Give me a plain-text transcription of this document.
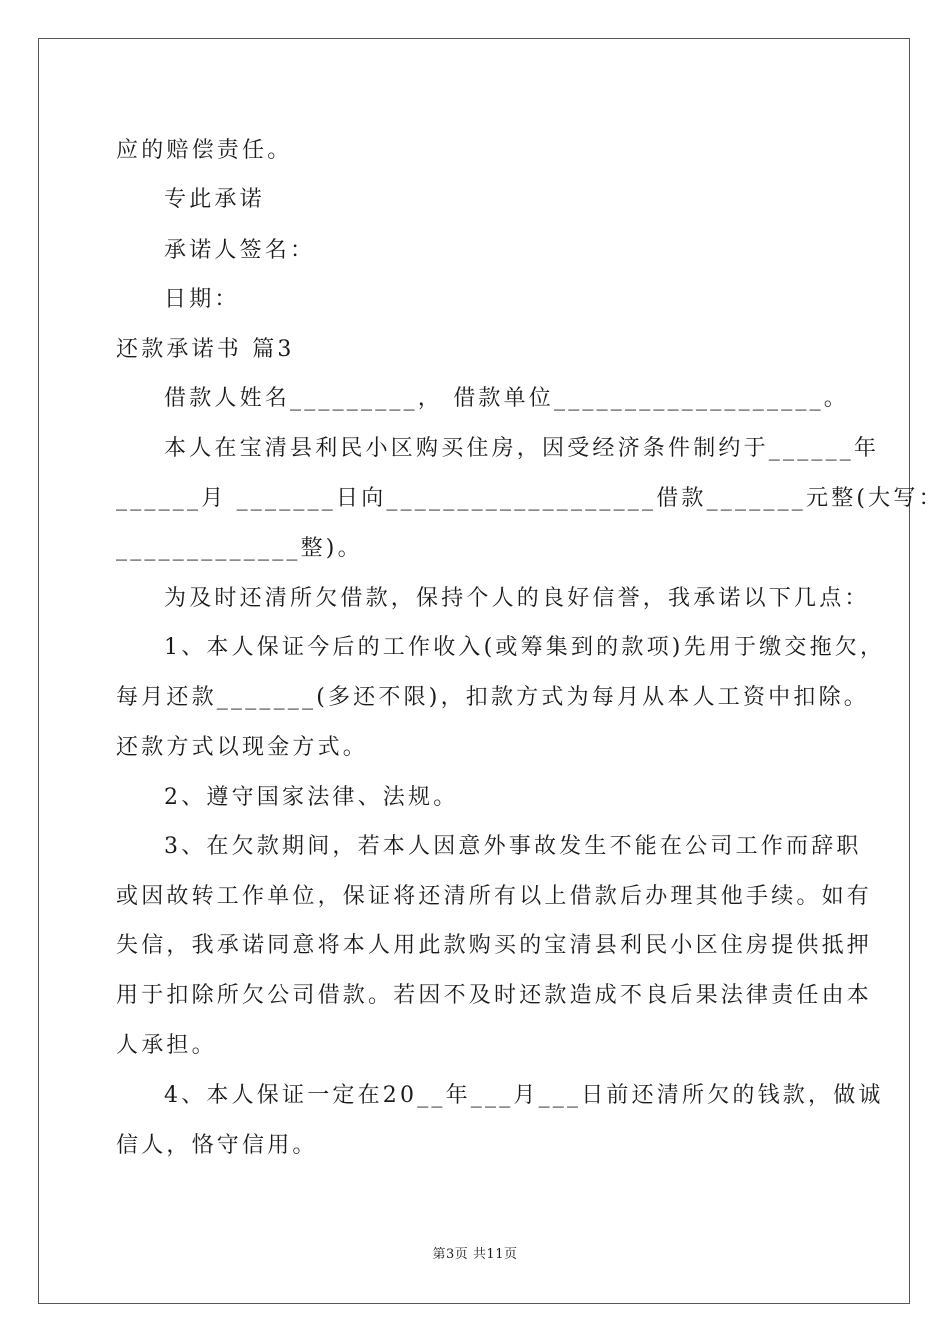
应的赔偿责任。
专此承诺
承诺人签名：
日期：
还款承诺书 篇3
借款人姓名_________， 借款单位___________________。
本人在宝清县利民小区购买住房，因受经济条件制约于______年
______月 _______日向___________________借款_______元整(大写：
_____________整)。
为及时还清所欠借款，保持个人的良好信誉，我承诺以下几点：
1、本人保证今后的工作收入(或筹集到的款项)先用于缴交拖欠，
每月还款_______(多还不限)，扣款方式为每月从本人工资中扣除。
还款方式以现金方式。
2、遵守国家法律、法规。
3、在欠款期间，若本人因意外事故发生不能在公司工作而辞职
或因故转工作单位，保证将还清所有以上借款后办理其他手续。如有
失信，我承诺同意将本人用此款购买的宝清县利民小区住房提供抵押
用于扣除所欠公司借款。若因不及时还款造成不良后果法律责任由本
人承担。
4、本人保证一定在20__年___月___日前还清所欠的钱款，做诚
信人，恪守信用。
第3页 共11页
